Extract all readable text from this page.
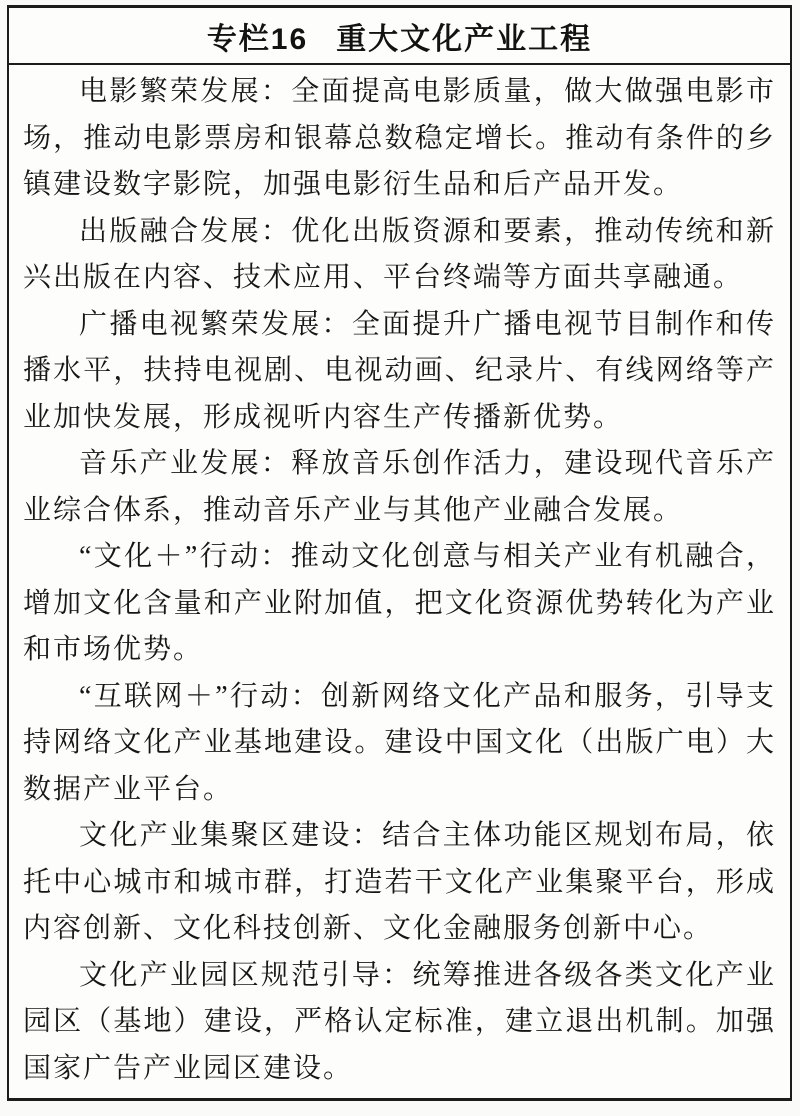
专栏16 重大文化产业工程

电影繁荣发展：全面提高电影质量，做大做强电影市场，推动电影票房和银幕总数稳定增长。推动有条件的乡镇建设数字影院，加强电影衍生品和后产品开发。

出版融合发展：优化出版资源和要素，推动传统和新兴出版在内容、技术应用、平台终端等方面共享融通。

广播电视繁荣发展：全面提升广播电视节目制作和传播水平，扶持电视剧、电视动画、纪录片、有线网络等产业加快发展，形成视听内容生产传播新优势。

音乐产业发展：释放音乐创作活力，建设现代音乐产业综合体系，推动音乐产业与其他产业融合发展。

“文化＋”行动：推动文化创意与相关产业有机融合，增加文化含量和产业附加值，把文化资源优势转化为产业和市场优势。

“互联网＋”行动：创新网络文化产品和服务，引导支持网络文化产业基地建设。建设中国文化（出版广电）大数据产业平台。

文化产业集聚区建设：结合主体功能区规划布局，依托中心城市和城市群，打造若干文化产业集聚平台，形成内容创新、文化科技创新、文化金融服务创新中心。

文化产业园区规范引导：统筹推进各级各类文化产业园区（基地）建设，严格认定标准，建立退出机制。加强国家广告产业园区建设。
